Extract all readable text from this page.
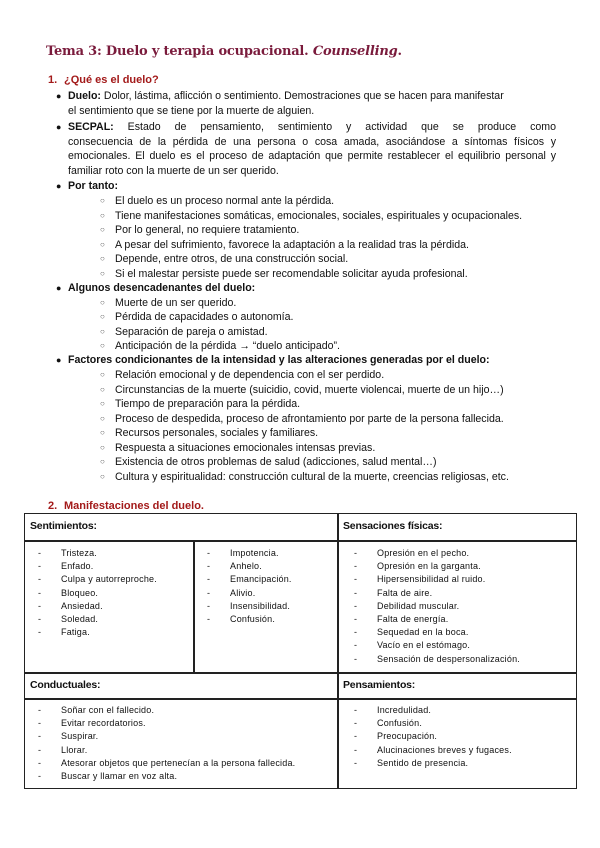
Tema 3: Duelo y terapia ocupacional. Counselling.
1. ¿Qué es el duelo?
● Duelo: Dolor, lástima, aflicción o sentimiento. Demostraciones que se hacen para manifestar
el sentimiento que se tiene por la muerte de alguien.
● SECPAL: Estado de pensamiento, sentimiento y actividad que se produce como
consecuencia de la pérdida de una persona o cosa amada, asociándose a síntomas físicos y emocionales. El duelo es el proceso de adaptación que permite restablecer el equilibrio personal y familiar roto con la muerte de un ser querido.
● Por tanto:
○ El duelo es un proceso normal ante la pérdida.
○ Tiene manifestaciones somáticas, emocionales, sociales, espirituales y ocupacionales.
○ Por lo general, no requiere tratamiento.
○ A pesar del sufrimiento, favorece la adaptación a la realidad tras la pérdida.
○ Depende, entre otros, de una construcción social.
○ Si el malestar persiste puede ser recomendable solicitar ayuda profesional.
● Algunos desencadenantes del duelo:
○ Muerte de un ser querido.
○ Pérdida de capacidades o autonomía.
○ Separación de pareja o amistad.
○ Anticipación de la pérdida → “duelo anticipado”.
● Factores condicionantes de la intensidad y las alteraciones generadas por el duelo:
○ Relación emocional y de dependencia con el ser perdido.
○ Circunstancias de la muerte (suicidio, covid, muerte violencai, muerte de un hijo…)
○ Tiempo de preparación para la pérdida.
○ Proceso de despedida, proceso de afrontamiento por parte de la persona fallecida.
○ Recursos personales, sociales y familiares.
○ Respuesta a situaciones emocionales intensas previas.
○ Existencia de otros problemas de salud (adicciones, salud mental…)
○ Cultura y espiritualidad: construcción cultural de la muerte, creencias religiosas, etc.
2. Manifestaciones del duelo.
Sentimientos:
- Tristeza.
- Enfado.
- Culpa y autorreproche.
- Bloqueo.
- Ansiedad.
- Soledad.
- Fatiga.
- Impotencia.
- Anhelo.
- Emancipación.
- Alivio.
- Insensibilidad.
- Confusión.
Sensaciones físicas:
- Opresión en el pecho.
- Opresión en la garganta.
- Hipersensibilidad al ruido.
- Falta de aire.
- Debilidad muscular.
- Falta de energía.
- Sequedad en la boca.
- Vacío en el estómago.
- Sensación de despersonalización.
Conductuales:
- Soñar con el fallecido.
- Evitar recordatorios.
- Suspirar.
- Llorar.
- Atesorar objetos que pertenecían a la persona fallecida.
- Buscar y llamar en voz alta.
Pensamientos:
- Incredulidad.
- Confusión.
- Preocupación.
- Alucinaciones breves y fugaces.
- Sentido de presencia.
